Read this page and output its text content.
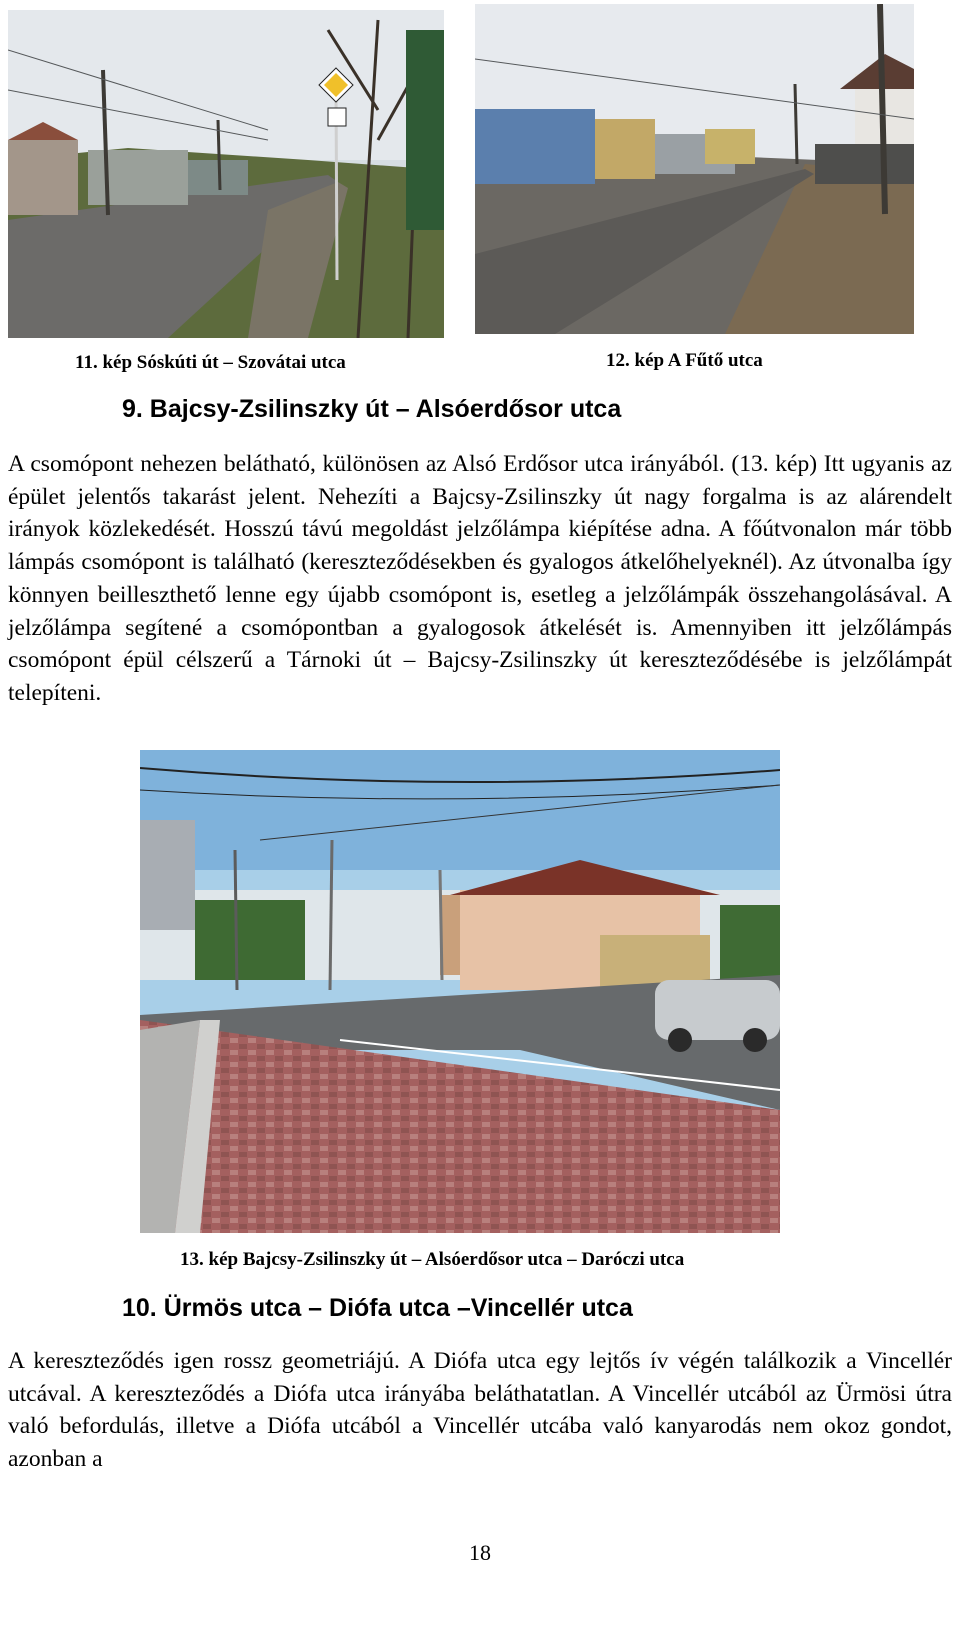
11. kép Sóskúti út – Szovátai utca	12. kép A Fűtő utca
9. Bajcsy-Zsilinszky út – Alsóerdősor utca
A csomópont nehezen belátható, különösen az Alsó Erdősor utca irányából. (13. kép) Itt ugyanis az épület jelentős takarást jelent. Nehezíti a Bajcsy-Zsilinszky út nagy forgalma is az alárendelt irányok közlekedését. Hosszú távú megoldást jelzőlámpa kiépítése adna. A főútvonalon már több lámpás csomópont is található (kereszteződésekben és gyalogos átkelőhelyeknél). Az útvonalba így könnyen beilleszthető lenne egy újabb csomópont is, esetleg a jelzőlámpák összehangolásával. A jelzőlámpa segítené a csomópontban a gyalogosok átkelését is. Amennyiben itt jelzőlámpás csomópont épül célszerű a Tárnoki út – Bajcsy-Zsilinszky út kereszteződésébe is jelzőlámpát telepíteni.
13. kép Bajcsy-Zsilinszky út – Alsóerdősor utca – Daróczi utca
10. Ürmös utca – Diófa utca –Vincellér utca
A kereszteződés igen rossz geometriájú. A Diófa utca egy lejtős ív végén találkozik a Vincellér utcával. A kereszteződés a Diófa utca irányába beláthatatlan. A Vincellér utcából az Ürmösi útra való befordulás, illetve a Diófa utcából a Vincellér utcába való kanyarodás nem okoz gondot, azonban a
18
